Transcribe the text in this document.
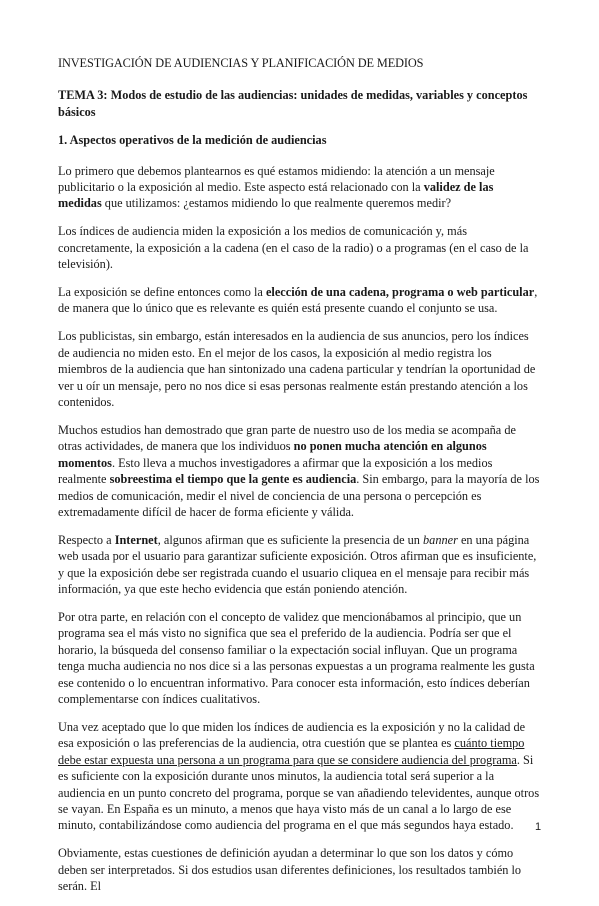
INVESTIGACIÓN DE AUDIENCIAS Y PLANIFICACIÓN DE MEDIOS
TEMA 3: Modos de estudio de las audiencias: unidades de medidas, variables y conceptos básicos
1. Aspectos operativos de la medición de audiencias

Lo primero que debemos plantearnos es qué estamos midiendo: la atención a un mensaje publicitario o la exposición al medio. Este aspecto está relacionado con la validez de las medidas que utilizamos: ¿estamos midiendo lo que realmente queremos medir?

Los índices de audiencia miden la exposición a los medios de comunicación y, más concretamente, la exposición a la cadena (en el caso de la radio) o a programas (en el caso de la televisión).

La exposición se define entonces como la elección de una cadena, programa o web particular, de manera que lo único que es relevante es quién está presente cuando el conjunto se usa.

Los publicistas, sin embargo, están interesados en la audiencia de sus anuncios, pero los índices de audiencia no miden esto. En el mejor de los casos, la exposición al medio registra los miembros de la audiencia que han sintonizado una cadena particular y tendrían la oportunidad de ver u oír un mensaje, pero no nos dice si esas personas realmente están prestando atención a los contenidos.

Muchos estudios han demostrado que gran parte de nuestro uso de los media se acompaña de otras actividades, de manera que los individuos no ponen mucha atención en algunos momentos. Esto lleva a muchos investigadores a afirmar que la exposición a los medios realmente sobreestima el tiempo que la gente es audiencia. Sin embargo, para la mayoría de los medios de comunicación, medir el nivel de conciencia de una persona o percepción es extremadamente difícil de hacer de forma eficiente y válida.

Respecto a Internet, algunos afirman que es suficiente la presencia de un banner en una página web usada por el usuario para garantizar suficiente exposición. Otros afirman que es insuficiente, y que la exposición debe ser registrada cuando el usuario cliquea en el mensaje para recibir más información, ya que este hecho evidencia que están poniendo atención.

Por otra parte, en relación con el concepto de validez que mencionábamos al principio, que un programa sea el más visto no significa que sea el preferido de la audiencia. Podría ser que el horario, la búsqueda del consenso familiar o la expectación social influyan. Que un programa tenga mucha audiencia no nos dice si a las personas expuestas a un programa realmente les gusta ese contenido o lo encuentran informativo. Para conocer esta información, esto índices deberían complementarse con índices cualitativos.

Una vez aceptado que lo que miden los índices de audiencia es la exposición y no la calidad de esa exposición o las preferencias de la audiencia, otra cuestión que se plantea es cuánto tiempo debe estar expuesta una persona a un programa para que se considere audiencia del programa. Si es suficiente con la exposición durante unos minutos, la audiencia total será superior a la audiencia en un punto concreto del programa, porque se van añadiendo televidentes, aunque otros se vayan. En España es un minuto, a menos que haya visto más de un canal a lo largo de ese minuto, contabilizándose como audiencia del programa en el que más segundos haya estado.

Obviamente, estas cuestiones de definición ayudan a determinar lo que son los datos y cómo deben ser interpretados. Si dos estudios usan diferentes definiciones, los resultados también lo serán. El

1
